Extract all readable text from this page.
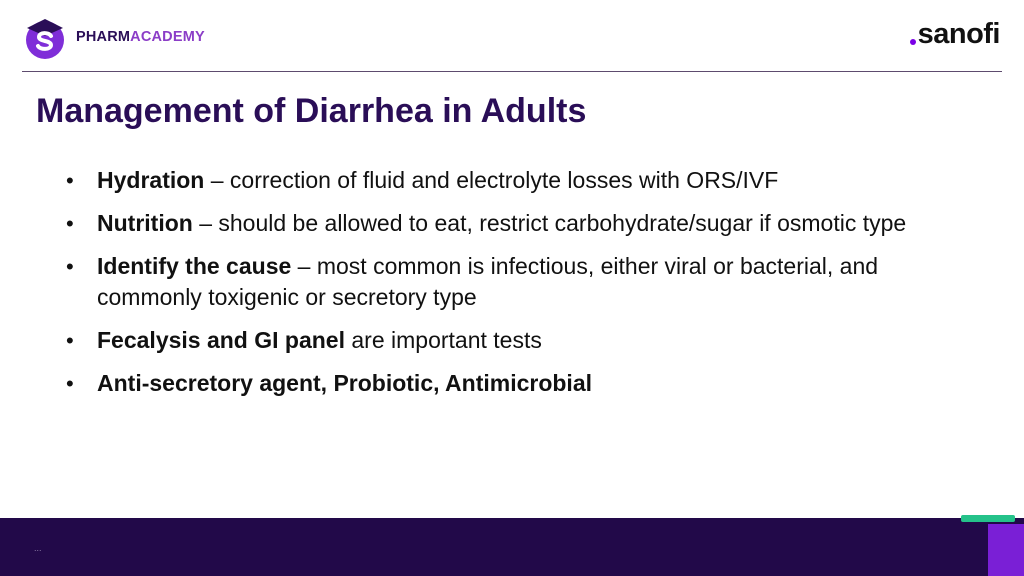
PHARMACADEMY	sanofi
Management of Diarrhea in Adults
•	Hydration – correction of fluid and electrolyte losses with ORS/IVF
•	Nutrition – should be allowed to eat, restrict carbohydrate/sugar if osmotic type
•	Identify the cause – most common is infectious, either viral or bacterial, and commonly toxigenic or secretory type
•	Fecalysis and GI panel are important tests
•	Anti-secretory agent, Probiotic, Antimicrobial
...
